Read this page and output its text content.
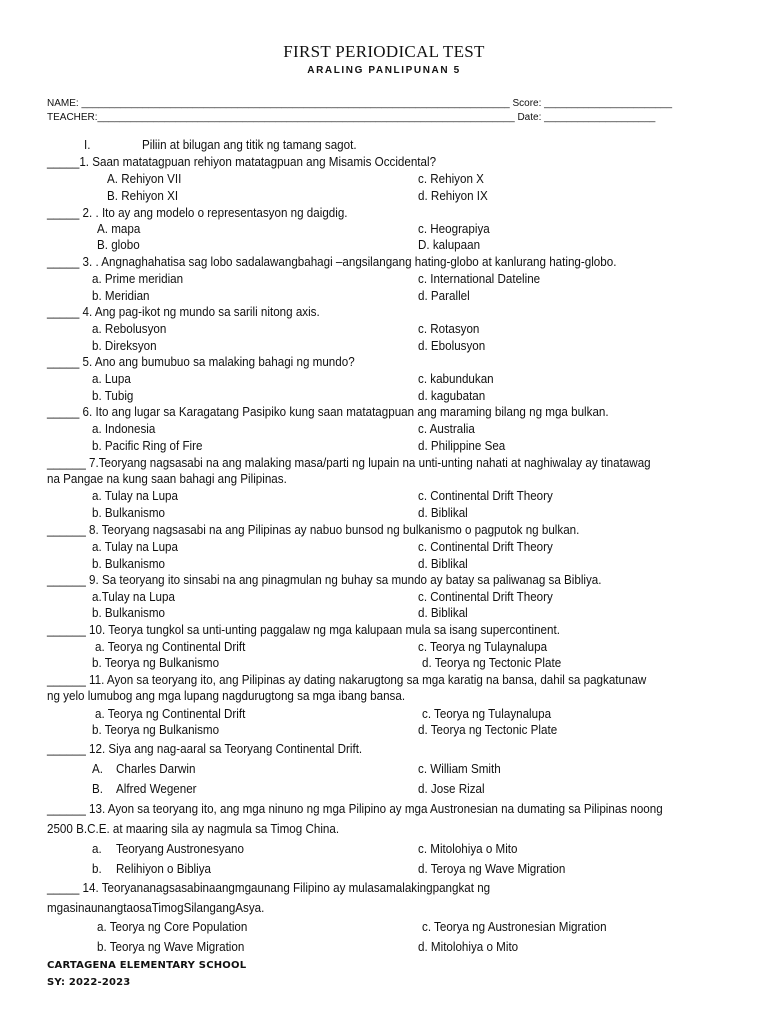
FIRST PERIODICAL TEST
ARALING PANLIPUNAN 5
NAME: _____________________________________________________________________________ Score: _______________________
TEACHER:___________________________________________________________________________ Date: ____________________
I.	Piliin at bilugan ang titik ng tamang sagot.
_____1. Saan matatagpuan rehiyon matatagpuan ang Misamis Occidental?
A. Rehiyon VII
B. Rehiyon XI
c. Rehiyon X
d. Rehiyon IX
_____ 2. . Ito ay ang modelo o representasyon ng daigdig.
A. mapa
B. globo
c. Heograpiya
D. kalupaan
_____ 3. . Angnaghahatisa sag lobo sadalawangbahagi –angsilangang hating-globo at kanlurang hating-globo.
a. Prime meridian
b. Meridian
c. International Dateline
d. Parallel
_____ 4. Ang pag-ikot ng mundo sa sarili nitong axis.
a. Rebolusyon
b. Direksyon
c. Rotasyon
d. Ebolusyon
_____ 5. Ano ang bumubuo sa malaking bahagi ng mundo?
a. Lupa
b. Tubig
c. kabundukan
d. kagubatan
_____ 6. Ito ang lugar sa Karagatang Pasipiko kung saan matatagpuan ang maraming bilang ng mga bulkan.
a. Indonesia
b. Pacific Ring of Fire
c. Australia
d. Philippine Sea
______ 7.Teoryang nagsasabi na ang malaking masa/parti ng lupain na unti-unting nahati at naghiwalay ay tinatawag
na Pangae na kung saan bahagi ang Pilipinas.
a. Tulay na Lupa
b. Bulkanismo
c. Continental Drift Theory
d. Biblikal
______ 8. Teoryang nagsasabi na ang Pilipinas ay nabuo bunsod ng bulkanismo o pagputok ng bulkan.
a. Tulay na Lupa
b. Bulkanismo
c. Continental Drift Theory
d. Biblikal
______ 9. Sa teoryang ito sinsabi na ang pinagmulan ng buhay sa mundo ay batay sa paliwanag sa Bibliya.
a.Tulay na Lupa
b. Bulkanismo
c. Continental Drift Theory
d. Biblikal
______ 10. Teorya tungkol sa unti-unting paggalaw ng mga kalupaan mula sa isang supercontinent.
a. Teorya ng Continental Drift
b. Teorya ng Bulkanismo
c. Teorya ng Tulaynalupa
d. Teorya ng Tectonic Plate
______ 11. Ayon sa teoryang ito, ang Pilipinas ay dating nakarugtong sa mga karatig na bansa, dahil sa pagkatunaw
ng yelo lumubog ang mga lupang nagdurugtong sa mga ibang bansa.
a. Teorya ng Continental Drift
b. Teorya ng Bulkanismo
c. Teorya ng Tulaynalupa
d. Teorya ng Tectonic Plate
______ 12. Siya ang nag-aaral sa Teoryang Continental Drift.
A. Charles Darwin
B. Alfred Wegener
c. William Smith
d. Jose Rizal
______ 13. Ayon sa teoryang ito, ang mga ninuno ng mga Pilipino ay mga Austronesian na dumating sa Pilipinas noong
2500 B.C.E. at maaring sila ay nagmula sa Timog China.
a. Teoryang Austronesyano
b. Relihiyon o Bibliya
c. Mitolohiya o Mito
d. Teroya ng Wave Migration
_____ 14. Teoryananagsasabinaangmgaunang Filipino ay mulasamalakingpangkat ng
mgasinaunangtaosaTimogSilangangAsya.
a. Teorya ng Core Population
b. Teorya ng Wave Migration
c. Teorya ng Austronesian Migration
d. Mitolohiya o Mito
CARTAGENA ELEMENTARY SCHOOL
SY: 2022-2023
